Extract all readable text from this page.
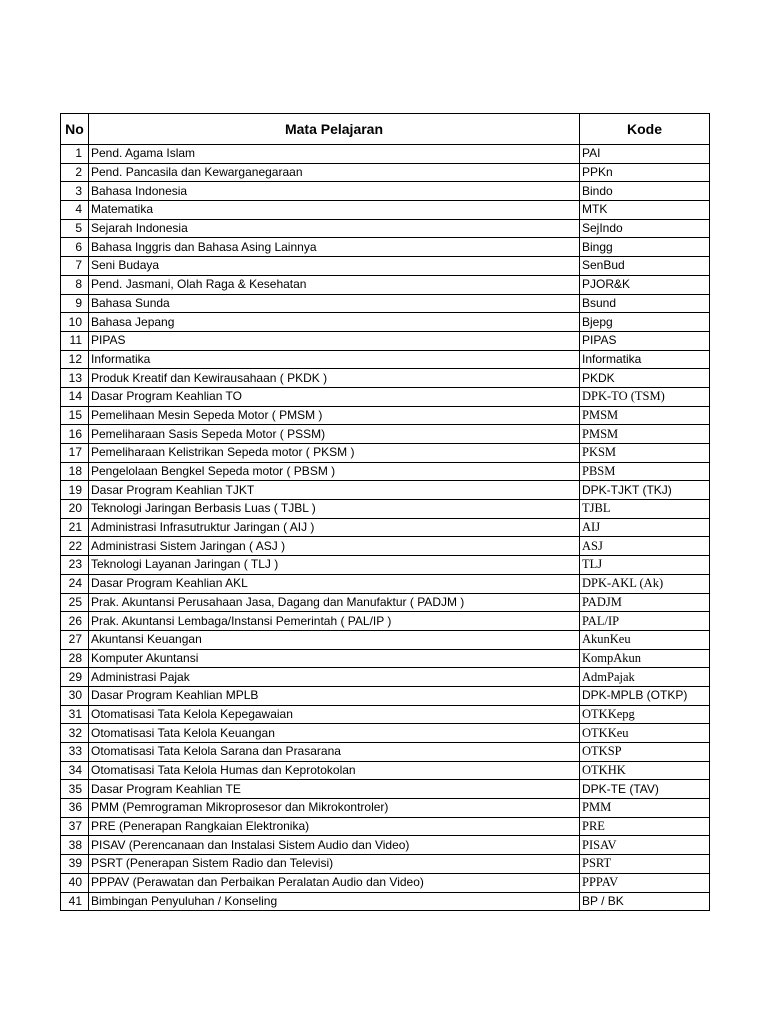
No	Mata Pelajaran	Kode
1	Pend. Agama Islam	PAI
2	Pend. Pancasila dan Kewarganegaraan	PPKn
3	Bahasa Indonesia	Bindo
4	Matematika	MTK
5	Sejarah Indonesia	SejIndo
6	Bahasa Inggris dan Bahasa Asing Lainnya	Bingg
7	Seni Budaya	SenBud
8	Pend. Jasmani, Olah Raga & Kesehatan	PJOR&K
9	Bahasa Sunda	Bsund
10	Bahasa Jepang	Bjepg
11	PIPAS	PIPAS
12	Informatika	Informatika
13	Produk Kreatif dan Kewirausahaan ( PKDK )	PKDK
14	Dasar Program Keahlian TO	DPK-TO (TSM)
15	Pemelihaan Mesin Sepeda Motor ( PMSM )	PMSM
16	Pemeliharaan Sasis Sepeda Motor ( PSSM)	PMSM
17	Pemeliharaan Kelistrikan Sepeda motor ( PKSM )	PKSM
18	Pengelolaan Bengkel Sepeda motor ( PBSM )	PBSM
19	Dasar Program Keahlian TJKT	DPK-TJKT (TKJ)
20	Teknologi Jaringan Berbasis Luas ( TJBL )	TJBL
21	Administrasi Infrasutruktur Jaringan ( AIJ )	AIJ
22	Administrasi Sistem Jaringan ( ASJ )	ASJ
23	Teknologi Layanan Jaringan ( TLJ )	TLJ
24	Dasar Program Keahlian AKL	DPK-AKL (Ak)
25	Prak. Akuntansi Perusahaan Jasa, Dagang dan Manufaktur ( PADJM )	PADJM
26	Prak. Akuntansi Lembaga/Instansi Pemerintah ( PAL/IP )	PAL/IP
27	Akuntansi Keuangan	AkunKeu
28	Komputer Akuntansi	KompAkun
29	Administrasi Pajak	AdmPajak
30	Dasar Program Keahlian MPLB	DPK-MPLB (OTKP)
31	Otomatisasi Tata Kelola Kepegawaian	OTKKepg
32	Otomatisasi Tata Kelola Keuangan	OTKKeu
33	Otomatisasi Tata Kelola Sarana dan Prasarana	OTKSP
34	Otomatisasi Tata Kelola Humas dan Keprotokolan	OTKHK
35	Dasar Program Keahlian TE	DPK-TE (TAV)
36	PMM (Pemrograman Mikroprosesor dan Mikrokontroler)	PMM
37	PRE (Penerapan Rangkaian Elektronika)	PRE
38	PISAV (Perencanaan dan Instalasi Sistem Audio dan Video)	PISAV
39	PSRT (Penerapan Sistem Radio dan Televisi)	PSRT
40	PPPAV (Perawatan dan Perbaikan Peralatan Audio dan Video)	PPPAV
41	Bimbingan Penyuluhan / Konseling	BP / BK
